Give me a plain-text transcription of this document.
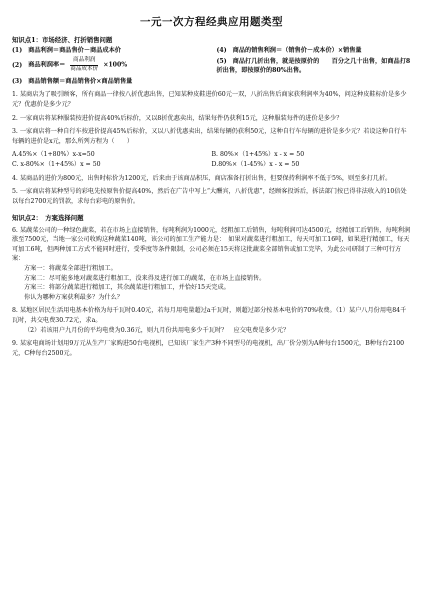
一元一次方程经典应用题类型
知识点1：市场经济、打折销售问题
(1) 商品利润＝商品售价－商品成本价	(4) 商品的销售利润＝（销售价－成本价）×销售量
(2) 商品利润率＝ $\frac{\text{商品利润}}{\text{商品成本价}} \times 100\%$	(5) 商品打几折出售，就是按原价的　　百分之几十出售，如商品打8折出售，即按原价的80%出售。
(3) 商品销售额＝商品销售价×商品销售量
1. 某商店为了吸引顾客，所有商品一律按八折优惠出售，已知某种皮鞋进价60元一双，八折出售后商家获利润率为40%，问这种皮鞋标价是多少元？优惠价是多少元？
2. 一家商店将某种服装按进价提高40%后标价，又以8折优惠卖出，结果每件仍获利15元，这种服装每件的进价是多少？
3. 一家商店将一种自行车按进价提高45%后标价，又以八折优惠卖出，结果每辆仍获利50元，这种自行车每辆的进价是多少元？若设这种自行车每辆的进价是x元，那么所列方程为（　　）
A.45%×（1+80%）x-x=50	B. 80%×（1+45%）x - x = 50
C. x-80%×（1+45%）x = 50	D.80%×（1-45%）x - x = 50
4. 某商品的进价为800元，出售时标价为1200元，后来由于该商品积压，商店准备打折出售，但要保持利润率不低于5%，则至多打几折。
5. 一家商店将某种型号的彩电先按原售价提高40%，然后在广告中写上“大酬宾，八折优惠”，经顾客投诉后，拆法部门按已得非法收入的10倍处以每台2700元的罚款，求每台彩电的原售价。
知识点2：　方案选择问题
6. 某蔬菜公司的一种绿色蔬菜，若在市场上直接销售，每吨利润为1000元，经粗加工后销售，每吨利润可达4500元，经精加工后销售，每吨利润涨至7500元，当地一家公司收购这种蔬菜140吨，该公司的加工生产能力是：　如果对蔬菜进行粗加工，每天可加工16吨，如果进行精加工，每天可加工6吨，但两种加工方式不能同时进行，受季度等条件限制，公司必须在15天将这批蔬菜全部销售或加工完毕，为此公司研制了三种可行方案：
方案一：将蔬菜全部进行粗加工。
方案二：尽可能多地对蔬菜进行粗加工，没来得及进行加工的蔬菜，在市场上直接销售。
方案三：将部分蔬菜进行精加工，其余蔬菜进行粗加工，并恰好15天完成。
你认为哪种方案获利最多？为什么？
8. 某地区居民生活用电基本价格为每千瓦时0.40元，若每月用电量超过a千瓦时，则超过部分按基本电价的70%收费。（1）某户八月份用电84千瓦时，共交电费30.72元，求a。
（2）若该用户九月份的平均电费为0.36元，则九月份共用电多少千瓦时？　应交电费是多少元？
9. 某家电商场计划用9万元从生产厂家购进50台电视机，已知该厂家生产3种不同型号的电视机，出厂价分别为A种每台1500元，B种每台2100元，C种每台2500元。
